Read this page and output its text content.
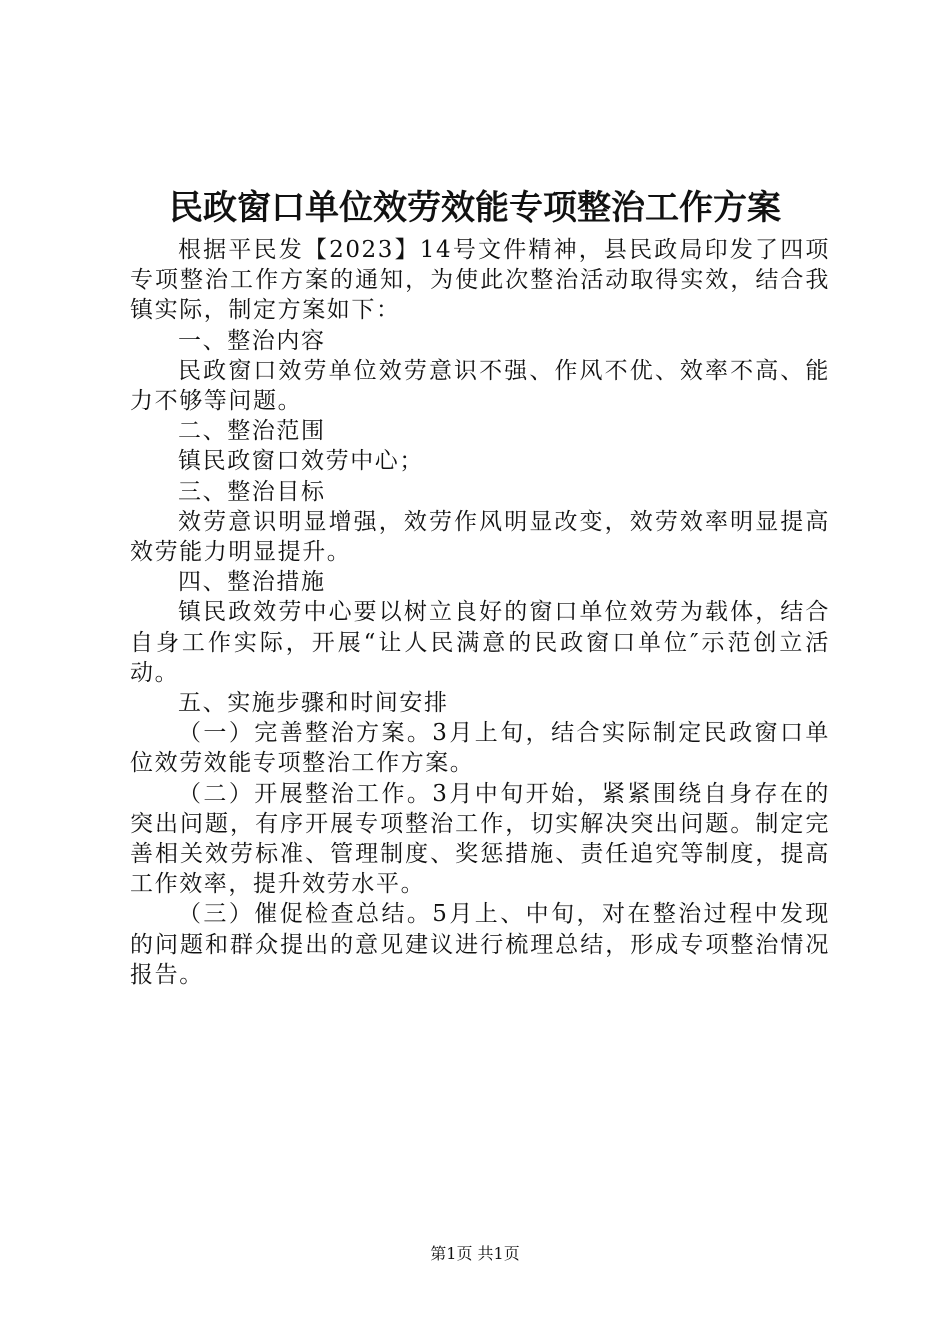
民政窗口单位效劳效能专项整治工作方案

根据平民发【2023】14号文件精神，县民政局印发了四项专项整治工作方案的通知，为使此次整治活动取得实效，结合我镇实际，制定方案如下：

一、整治内容

民政窗口效劳单位效劳意识不强、作风不优、效率不高、能力不够等问题。

二、整治范围

镇民政窗口效劳中心；

三、整治目标

效劳意识明显增强，效劳作风明显改变，效劳效率明显提高效劳能力明显提升。

四、整治措施

镇民政效劳中心要以树立良好的窗口单位效劳为载体，结合自身工作实际，开展“让人民满意的民政窗口单位″示范创立活动。

五、实施步骤和时间安排

（一）完善整治方案。3月上旬，结合实际制定民政窗口单位效劳效能专项整治工作方案。

（二）开展整治工作。3月中旬开始，紧紧围绕自身存在的突出问题，有序开展专项整治工作，切实解决突出问题。制定完善相关效劳标准、管理制度、奖惩措施、责任追究等制度，提高工作效率，提升效劳水平。

（三）催促检查总结。5月上、中旬，对在整治过程中发现的问题和群众提出的意见建议进行梳理总结，形成专项整治情况报告。

第1页 共1页
